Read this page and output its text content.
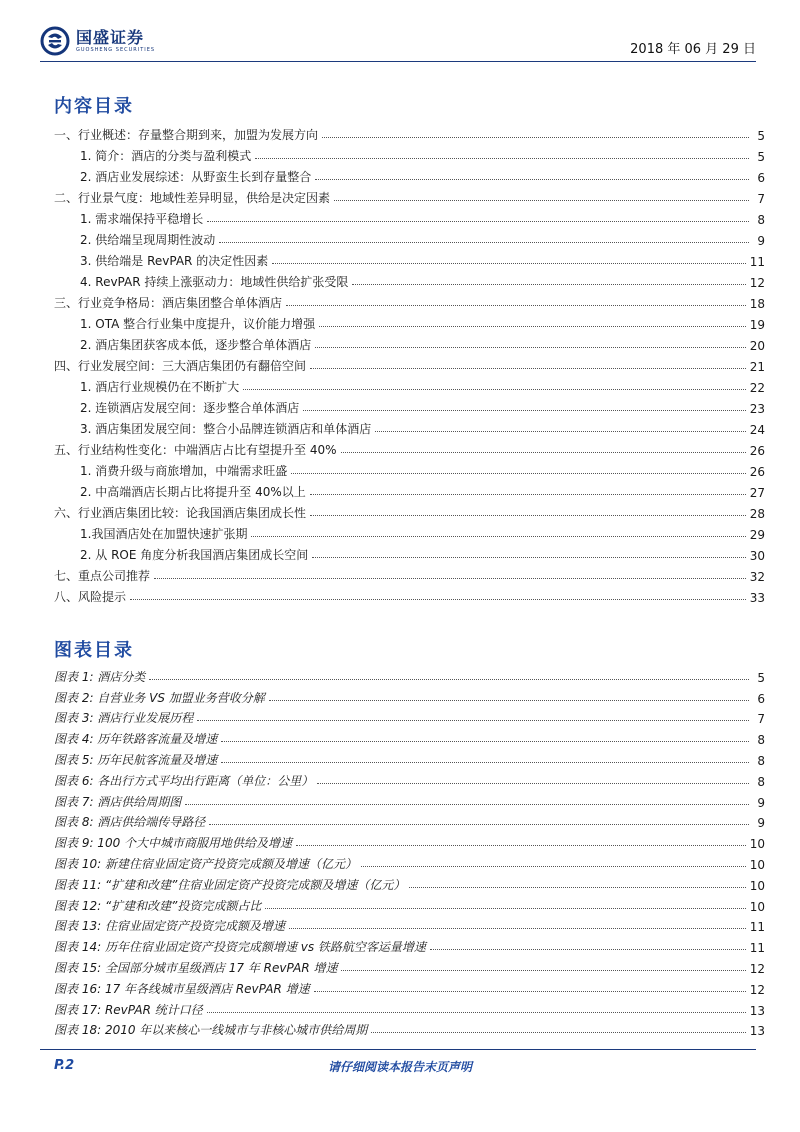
国盛证券
GUOSHENG SECURITIES	2018 年 06 月 29 日
内容目录
一、行业概述：存量整合期到来，加盟为发展方向	5
1. 简介：酒店的分类与盈利模式	5
2. 酒店业发展综述：从野蛮生长到存量整合	6
二、行业景气度：地域性差异明显，供给是决定因素	7
1. 需求端保持平稳增长	8
2. 供给端呈现周期性波动	9
3. 供给端是 RevPAR 的决定性因素	11
4. RevPAR 持续上涨驱动力：地域性供给扩张受限	12
三、行业竞争格局：酒店集团整合单体酒店	18
1. OTA 整合行业集中度提升，议价能力增强	19
2. 酒店集团获客成本低，逐步整合单体酒店	20
四、行业发展空间：三大酒店集团仍有翻倍空间	21
1. 酒店行业规模仍在不断扩大	22
2. 连锁酒店发展空间：逐步整合单体酒店	23
3. 酒店集团发展空间：整合小品牌连锁酒店和单体酒店	24
五、行业结构性变化：中端酒店占比有望提升至 40%	26
1. 消费升级与商旅增加，中端需求旺盛	26
2. 中高端酒店长期占比将提升至 40%以上	27
六、行业酒店集团比较：论我国酒店集团成长性	28
1.我国酒店处在加盟快速扩张期	29
2. 从 ROE 角度分析我国酒店集团成长空间	30
七、重点公司推荐	32
八、风险提示	33
图表目录
图表 1: 酒店分类	5
图表 2: 自营业务 VS 加盟业务营收分解	6
图表 3: 酒店行业发展历程	7
图表 4: 历年铁路客流量及增速	8
图表 5: 历年民航客流量及增速	8
图表 6: 各出行方式平均出行距离（单位：公里）	8
图表 7: 酒店供给周期图	9
图表 8: 酒店供给端传导路径	9
图表 9: 100 个大中城市商服用地供给及增速	10
图表 10: 新建住宿业固定资产投资完成额及增速（亿元）	10
图表 11: “扩建和改建”住宿业固定资产投资完成额及增速（亿元）	10
图表 12: “扩建和改建”投资完成额占比	10
图表 13: 住宿业固定资产投资完成额及增速	11
图表 14: 历年住宿业固定资产投资完成额增速 vs 铁路航空客运量增速	11
图表 15: 全国部分城市星级酒店 17 年 RevPAR 增速	12
图表 16: 17 年各线城市星级酒店 RevPAR 增速	12
图表 17: RevPAR 统计口径	13
图表 18: 2010 年以来核心一线城市与非核心城市供给周期	13
P.2	请仔细阅读本报告末页声明
